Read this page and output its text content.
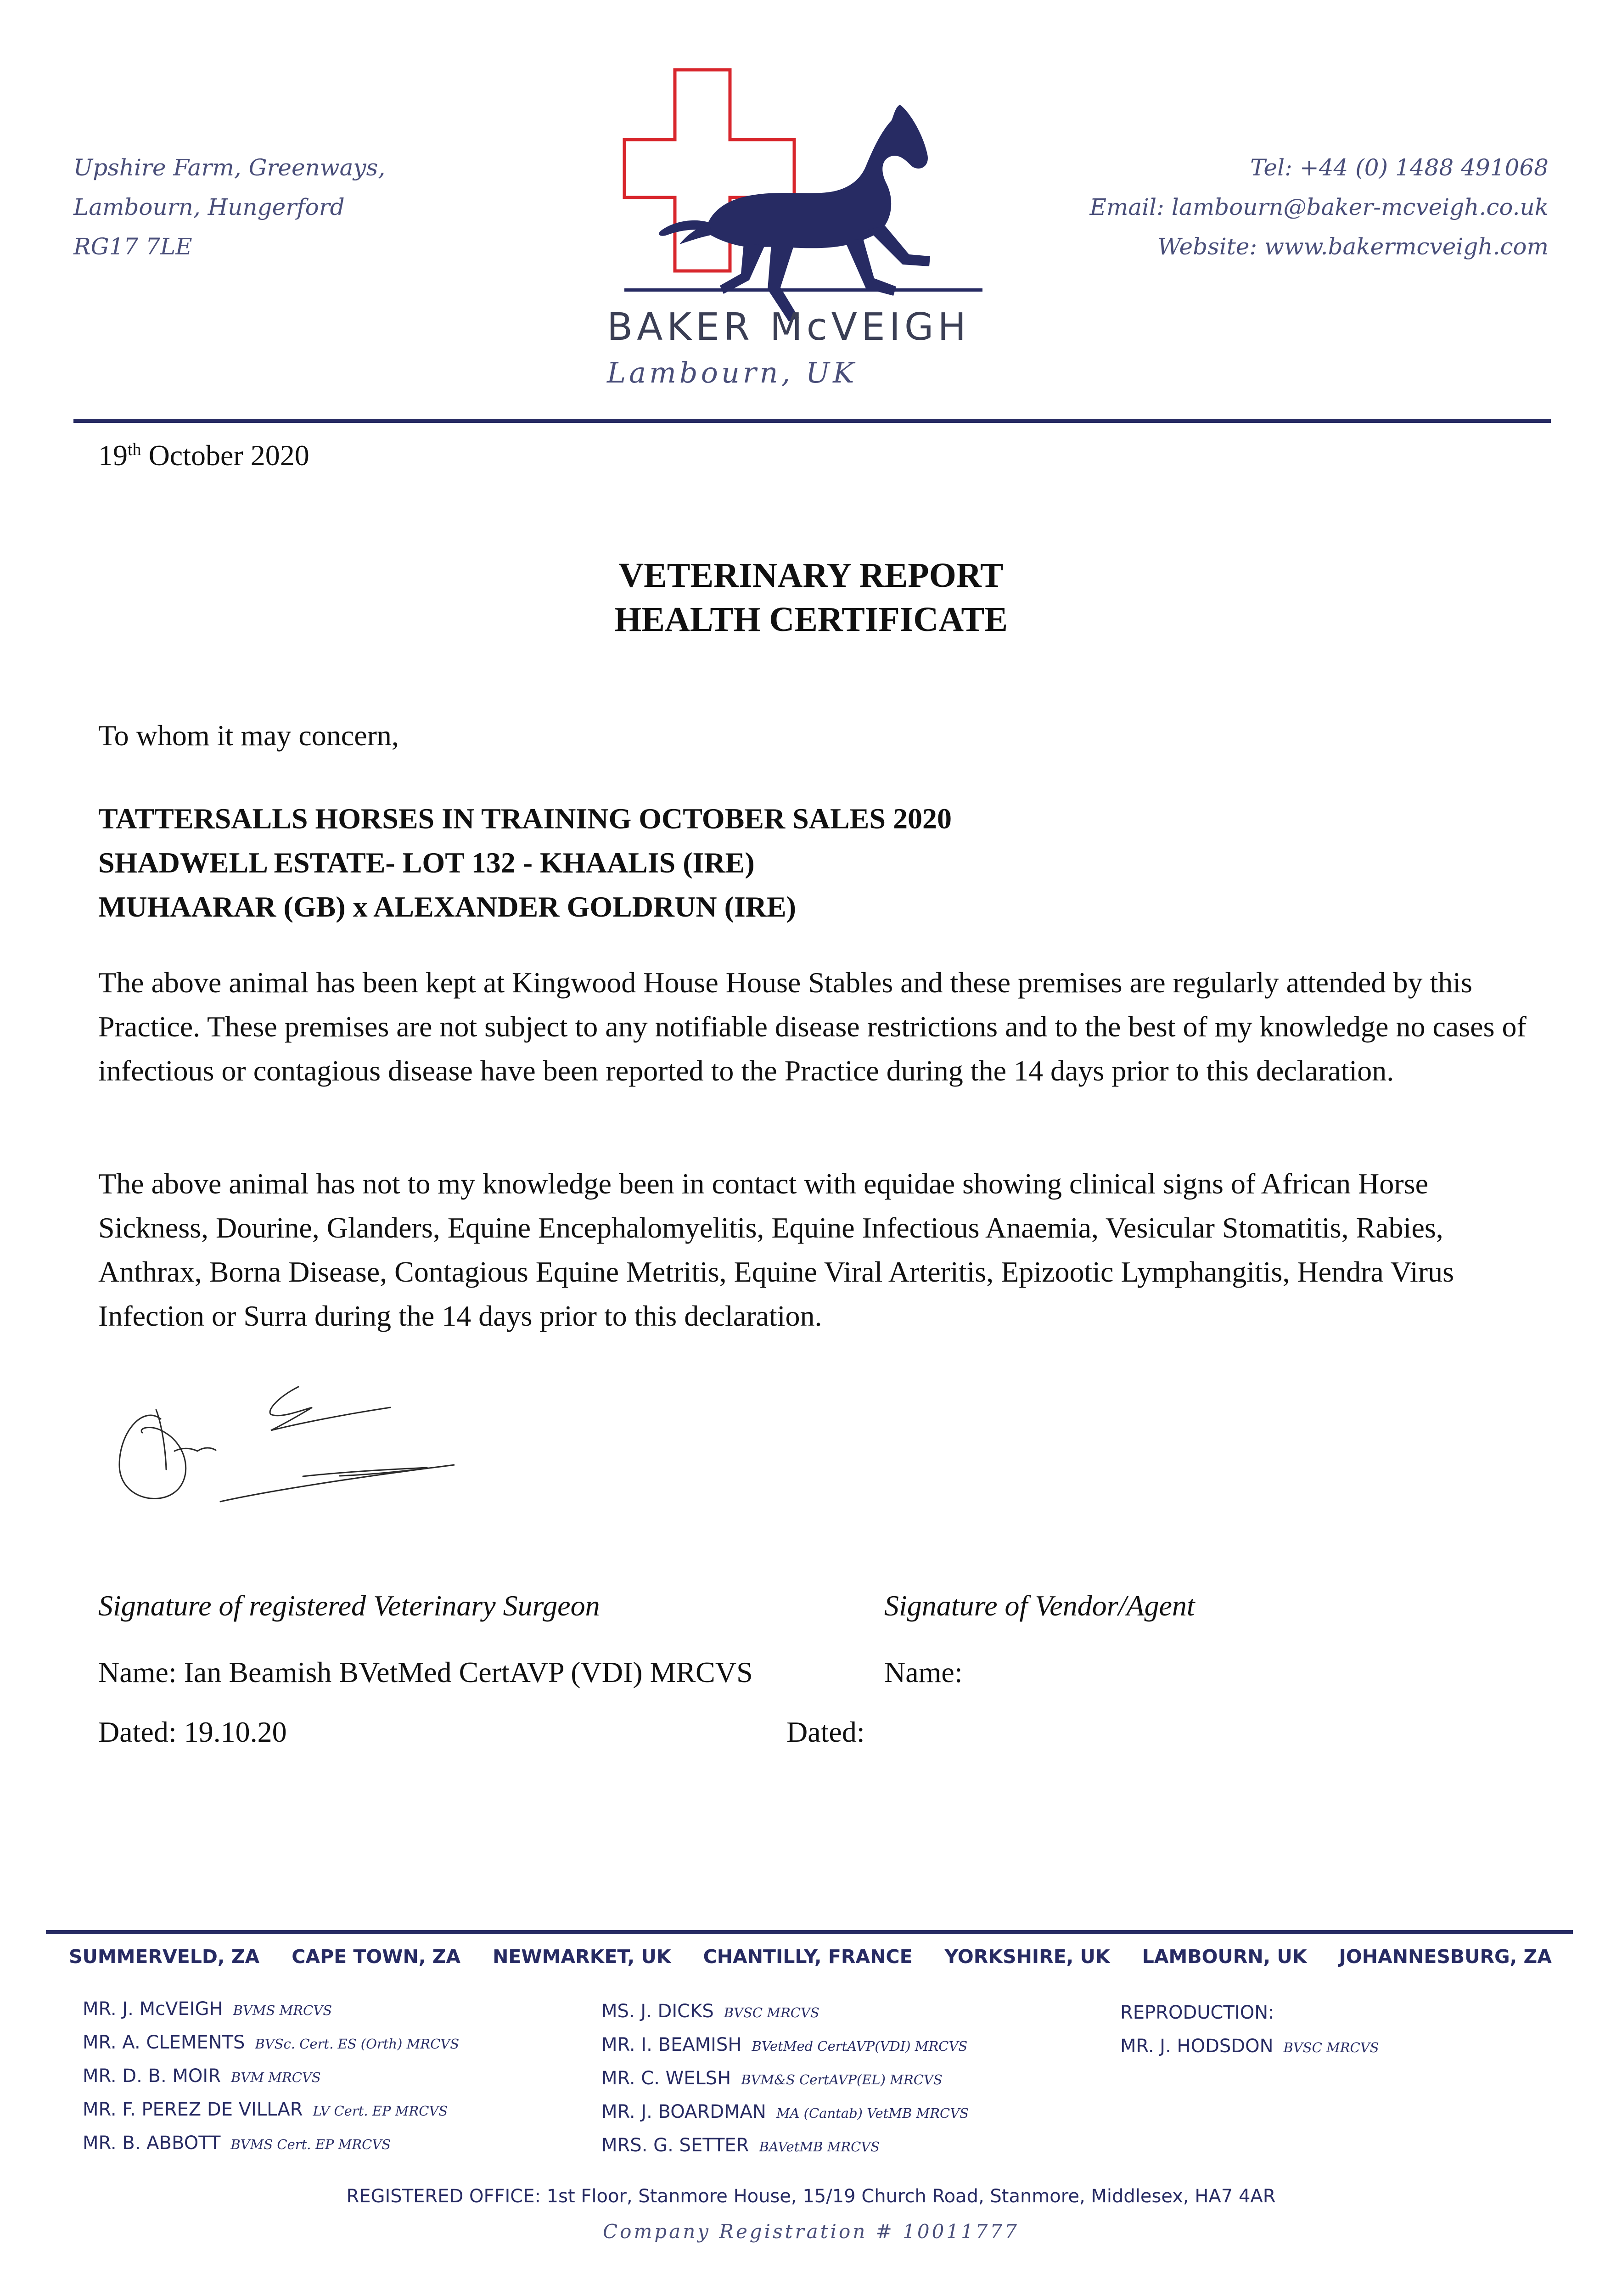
Upshire Farm, Greenways,
Lambourn, Hungerford
RG17 7LE
Tel: +44 (0) 1488 491068
Email: lambourn@baker-mcveigh.co.uk
Website: www.bakermcveigh.com
BAKER McVEIGH
Lambourn, UK
19th October 2020
VETERINARY REPORT
HEALTH CERTIFICATE
To whom it may concern,
TATTERSALLS HORSES IN TRAINING OCTOBER SALES 2020
SHADWELL ESTATE- LOT 132 - KHAALIS (IRE)
MUHAARAR (GB) x ALEXANDER GOLDRUN (IRE)
The above animal has been kept at Kingwood House House Stables and these premises are regularly attended by this Practice. These premises are not subject to any notifiable disease restrictions and to the best of my knowledge no cases of infectious or contagious disease have been reported to the Practice during the 14 days prior to this declaration.
The above animal has not to my knowledge been in contact with equidae showing clinical signs of African Horse Sickness, Dourine, Glanders, Equine Encephalomyelitis, Equine Infectious Anaemia, Vesicular Stomatitis, Rabies, Anthrax, Borna Disease, Contagious Equine Metritis, Equine Viral Arteritis, Epizootic Lymphangitis, Hendra Virus Infection or Surra during the 14 days prior to this declaration.
Signature of registered Veterinary Surgeon	Signature of Vendor/Agent
Name: Ian Beamish BVetMed CertAVP (VDI) MRCVS	Name:
Dated: 19.10.20	Dated:
SUMMERVELD, ZA CAPE TOWN, ZA NEWMARKET, UK CHANTILLY, FRANCE YORKSHIRE, UK LAMBOURN, UK JOHANNESBURG, ZA
MR. J. McVEIGH BVMS MRCVS
MR. A. CLEMENTS BVSc. Cert. ES (Orth) MRCVS
MR. D. B. MOIR BVM MRCVS
MR. F. PEREZ DE VILLAR LV Cert. EP MRCVS
MR. B. ABBOTT BVMS Cert. EP MRCVS
MS. J. DICKS BVSC MRCVS
MR. I. BEAMISH BVetMed CertAVP(VDI) MRCVS
MR. C. WELSH BVM&S CertAVP(EL) MRCVS
MR. J. BOARDMAN MA (Cantab) VetMB MRCVS
MRS. G. SETTER BAVetMB MRCVS
REPRODUCTION:
MR. J. HODSDON BVSC MRCVS
REGISTERED OFFICE: 1st Floor, Stanmore House, 15/19 Church Road, Stanmore, Middlesex, HA7 4AR
Company Registration # 10011777
